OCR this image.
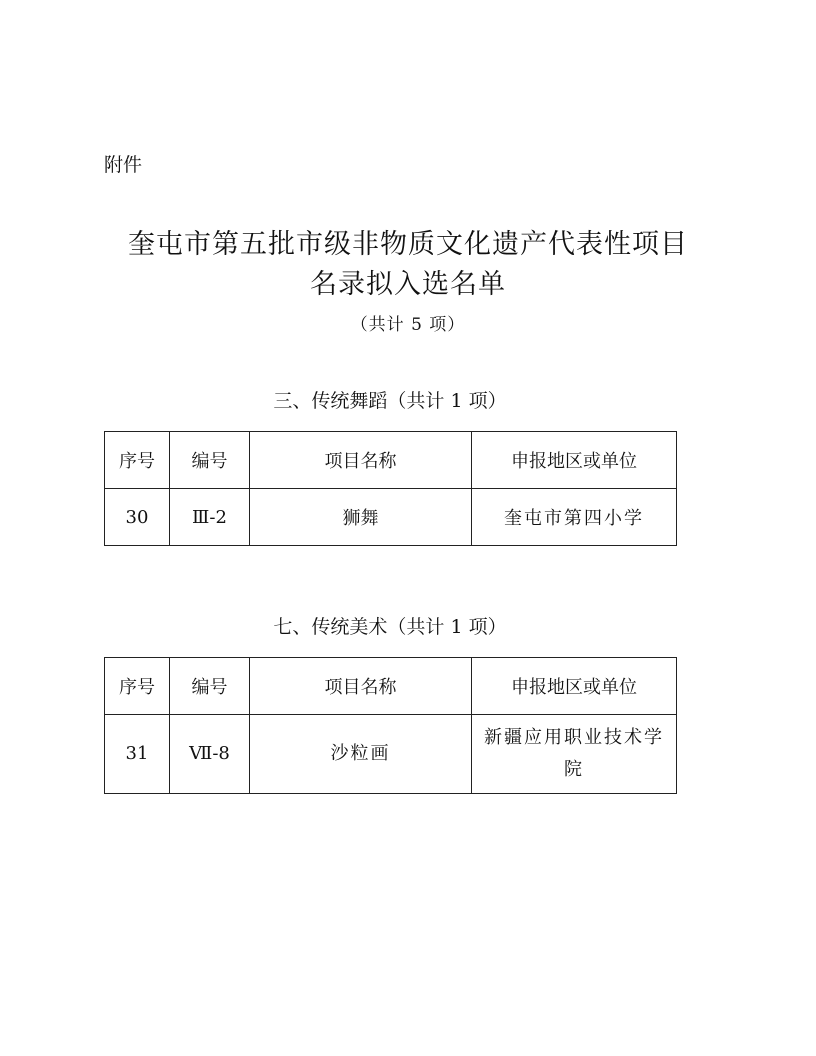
附件
奎屯市第五批市级非物质文化遗产代表性项目
名录拟入选名单
（共计 5 项）
三、传统舞蹈（共计 1 项）
序号	编号	项目名称	申报地区或单位
30	Ⅲ-2	狮舞	奎屯市第四小学
七、传统美术（共计 1 项）
序号	编号	项目名称	申报地区或单位
31	Ⅶ-8	沙粒画	新疆应用职业技术学院
